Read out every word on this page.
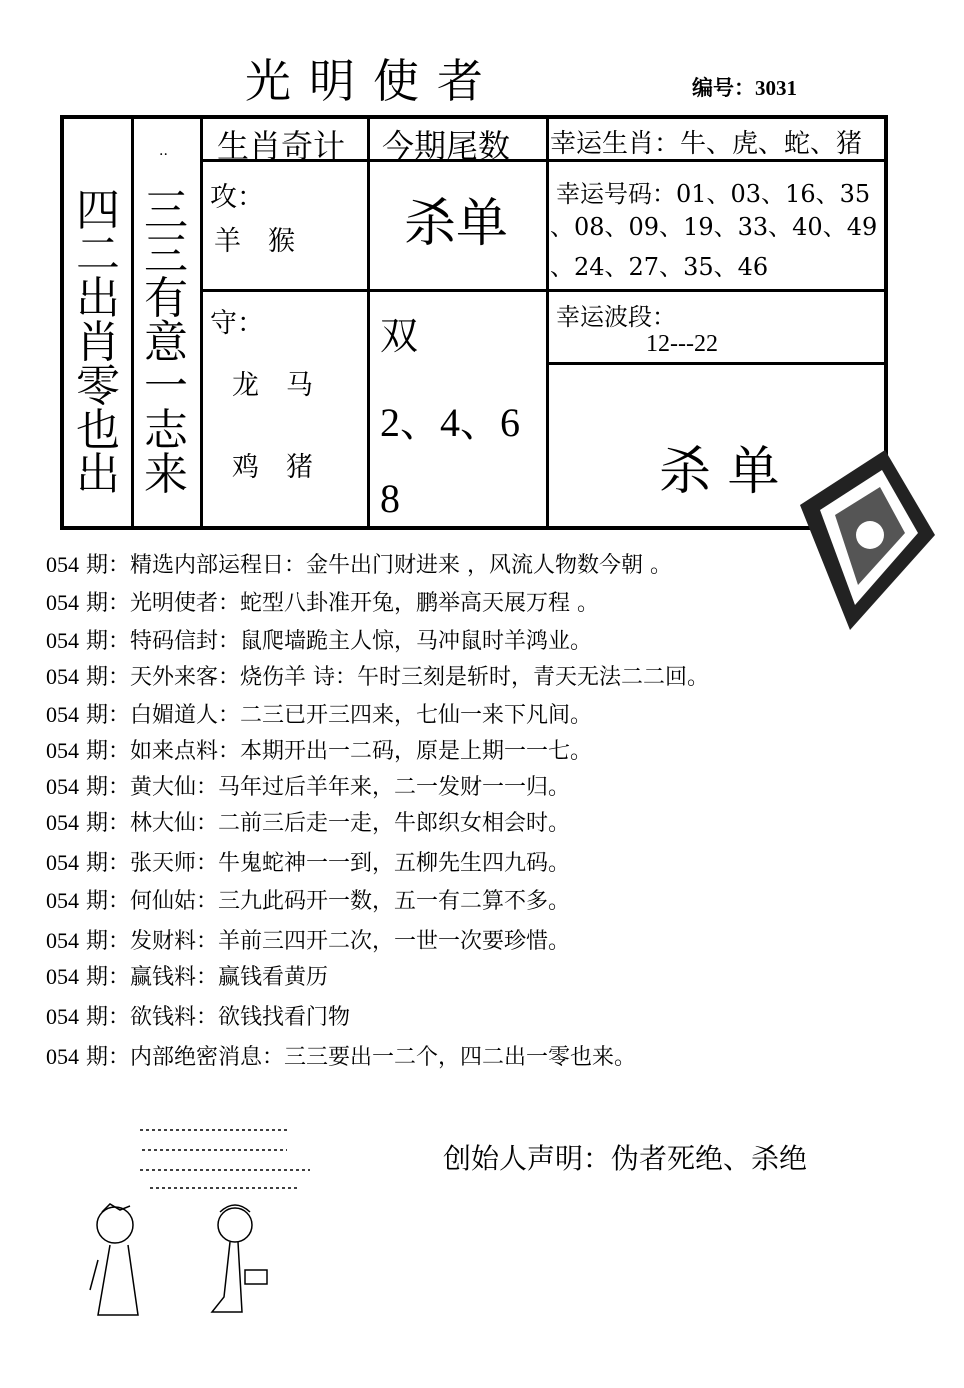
光明使者	编号：3031
四二出肖零也出
··
三三有意一志来
生肖奇计 今期尾数 幸运生肖：牛、虎、蛇、猪
攻：
羊　猴 杀单 幸运号码：01、03、16、35
、08、09、19、33、40、49
、24、27、35、46
守：
龙　马
鸡　猪
双
2、4、6
8
幸运波段：
12---22
杀 单
054 期：精选内部运程日：金牛出门财进来 ，风流人物数今朝 。
054 期：光明使者：蛇型八卦准开兔，鹏举高天展万程 。
054 期：特码信封：鼠爬墙跪主人惊，马冲鼠时羊鸿业。
054 期：天外来客：烧伤羊 诗：午时三刻是斩时，青天无法二二回。
054 期：白媚道人：二三已开三四来，七仙一来下凡间。
054 期：如来点料：本期开出一二码，原是上期一一七。
054 期：黄大仙：马年过后羊年来，二一发财一一归。
054 期：林大仙：二前三后走一走，牛郎织女相会时。
054 期：张天师：牛鬼蛇神一一到，五柳先生四九码。
054 期：何仙姑：三九此码开一数，五一有二算不多。
054 期：发财料：羊前三四开二次，一世一次要珍惜。
054 期：赢钱料：赢钱看黄历
054 期：欲钱料：欲钱找看门物
054 期：内部绝密消息：三三要出一二个，四二出一零也来。
创始人声明：伪者死绝、杀绝
